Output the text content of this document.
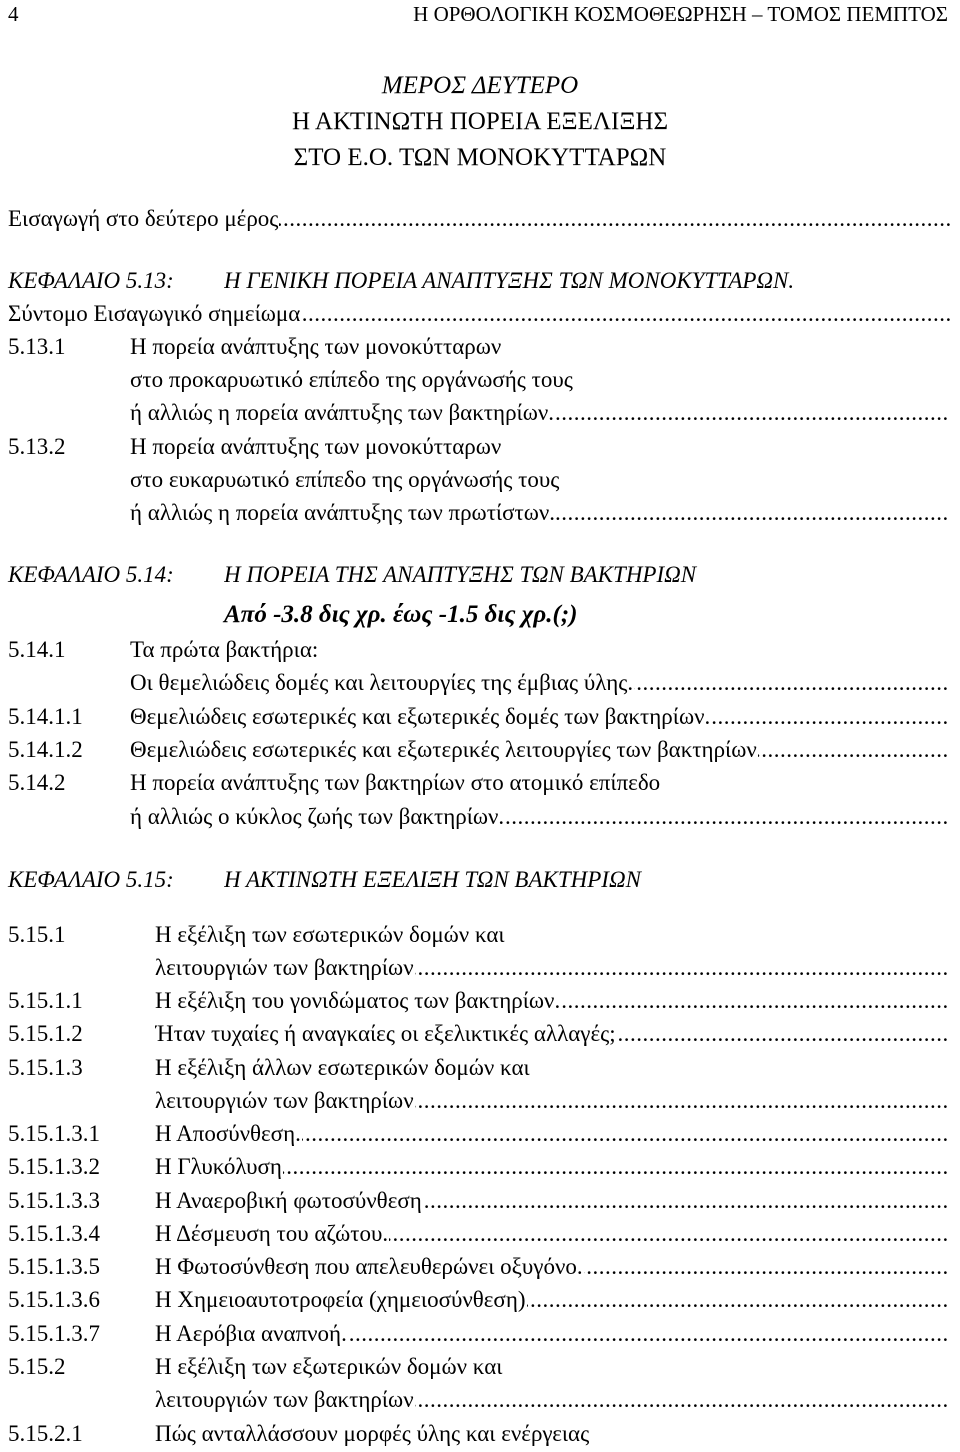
4	Η ΟΡΘΟΛΟΓΙΚΗ ΚΟΣΜΟΘΕΩΡΗΣΗ – ΤΟΜΟΣ ΠΕΜΠΤΟΣ
ΜΕΡΟΣ ΔΕΥΤΕΡΟ
Η ΑΚΤΙΝΩΤΗ ΠΟΡΕΙΑ ΕΞΕΛΙΞΗΣ
ΣΤΟ Ε.Ο. ΤΩΝ ΜΟΝΟΚΥΤΤΑΡΩΝ
Εισαγωγή στο δεύτερο μέρος .....
ΚΕΦΑΛΑΙΟ 5.13: Η ΓΕΝΙΚΗ ΠΟΡΕΙΑ ΑΝΑΠΤΥΞΗΣ ΤΩΝ ΜΟΝΟΚΥΤΤΑΡΩΝ.
Σύντομο Εισαγωγικό σημείωμα .....
5.13.1	Η πορεία ανάπτυξης των μονοκύτταρων
στο προκαρυωτικό επίπεδο της οργάνωσής τους
ή αλλιώς η πορεία ανάπτυξης των βακτηρίων. .....
5.13.2	Η πορεία ανάπτυξης των μονοκύτταρων
στο ευκαρυωτικό επίπεδο της οργάνωσής τους
ή αλλιώς η πορεία ανάπτυξης των πρωτίστων. .....
ΚΕΦΑΛΑΙΟ 5.14: Η ΠΟΡΕΙΑ ΤΗΣ ΑΝΑΠΤΥΞΗΣ ΤΩΝ ΒΑΚΤΗΡΙΩΝ
Από -3.8 δις χρ. έως -1.5 δις χρ.(;)
5.14.1	Τα πρώτα βακτήρια:
Οι θεμελιώδεις δομές και λειτουργίες της έμβιας ύλης. .....
5.14.1.1 Θεμελιώδεις εσωτερικές και εξωτερικές δομές των βακτηρίων. .....
5.14.1.2 Θεμελιώδεις εσωτερικές και εξωτερικές λειτουργίες των βακτηρίων .....
5.14.2	Η πορεία ανάπτυξης των βακτηρίων στο ατομικό επίπεδο
ή αλλιώς ο κύκλος ζωής των βακτηρίων. .....
ΚΕΦΑΛΑΙΟ 5.15: Η ΑΚΤΙΝΩΤΗ ΕΞΕΛΙΞΗ ΤΩΝ ΒΑΚΤΗΡΙΩΝ
5.15.1	Η εξέλιξη των εσωτερικών δομών και
λειτουργιών των βακτηρίων .....
5.15.1.1	Η εξέλιξη του γονιδώματος των βακτηρίων. .....
5.15.1.2	Ήταν τυχαίες ή αναγκαίες οι εξελικτικές αλλαγές; .....
5.15.1.3	Η εξέλιξη άλλων εσωτερικών δομών και
λειτουργιών των βακτηρίων .....
5.15.1.3.1 Η Αποσύνθεση. .....
5.15.1.3.2 Η Γλυκόλυση .....
5.15.1.3.3 Η Αναεροβική φωτοσύνθεση .....
5.15.1.3.4 Η Δέσμευση του αζώτου. .....
5.15.1.3.5 Η Φωτοσύνθεση που απελευθερώνει οξυγόνο. .....
5.15.1.3.6 Η Χημειοαυτοτροφεία (χημειοσύνθεση) .....
5.15.1.3.7 Η Αερόβια αναπνοή. .....
5.15.2	Η εξέλιξη των εξωτερικών δομών και
λειτουργιών των βακτηρίων .....
5.15.2.1	Πώς ανταλλάσσουν μορφές ύλης και ενέργειας
